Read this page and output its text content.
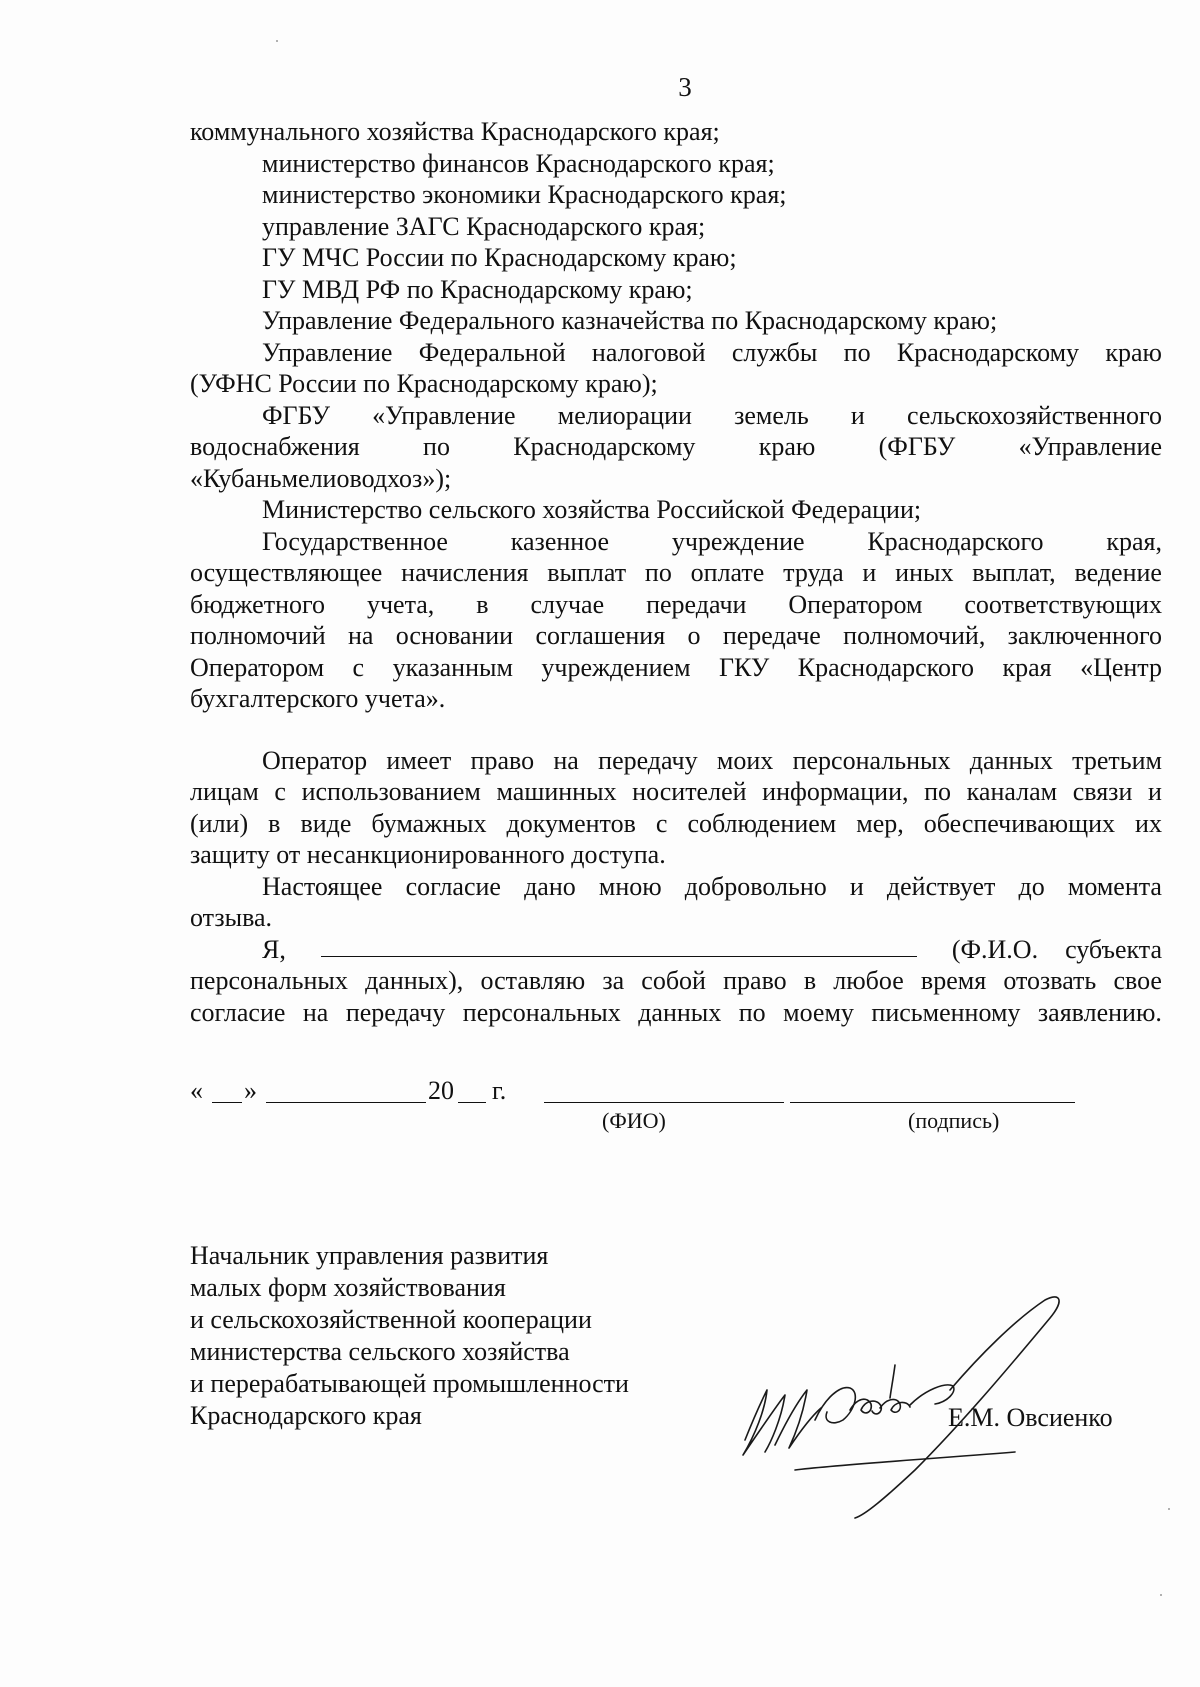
3
коммунального хозяйства Краснодарского края;
министерство финансов Краснодарского края;
министерство экономики Краснодарского края;
управление ЗАГС Краснодарского края;
ГУ МЧС России по Краснодарскому краю;
ГУ МВД РФ по Краснодарскому краю;
Управление Федерального казначейства по Краснодарскому краю;
Управление Федеральной налоговой службы по Краснодарскому краю
(УФНС России по Краснодарскому краю);
ФГБУ «Управление мелиорации земель и сельскохозяйственного
водоснабжения по Краснодарскому краю (ФГБУ «Управление
«Кубаньмелиоводхоз»);
Министерство сельского хозяйства Российской Федерации;
Государственное казенное учреждение Краснодарского края,
осуществляющее начисления выплат по оплате труда и иных выплат, ведение
бюджетного учета, в случае передачи Оператором соответствующих
полномочий на основании соглашения о передаче полномочий, заключенного
Оператором с указанным учреждением ГКУ Краснодарского края «Центр
бухгалтерского учета».
Оператор имеет право на передачу моих персональных данных третьим
лицам с использованием машинных носителей информации, по каналам связи и
(или) в виде бумажных документов с соблюдением мер, обеспечивающих их
защиту от несанкционированного доступа.
Настоящее согласие дано мною добровольно и действует до момента
отзыва.
Я,	(Ф.И.О. субъекта
персональных данных), оставляю за собой право в любое время отозвать свое
согласие на передачу персональных данных по моему письменному заявлению.
« »	20 г.
(ФИО)	(подпись)
Начальник управления развития
малых форм хозяйствования
и сельскохозяйственной кооперации
министерства сельского хозяйства
и перерабатывающей промышленности
Краснодарского края	Е.М. Овсиенко
